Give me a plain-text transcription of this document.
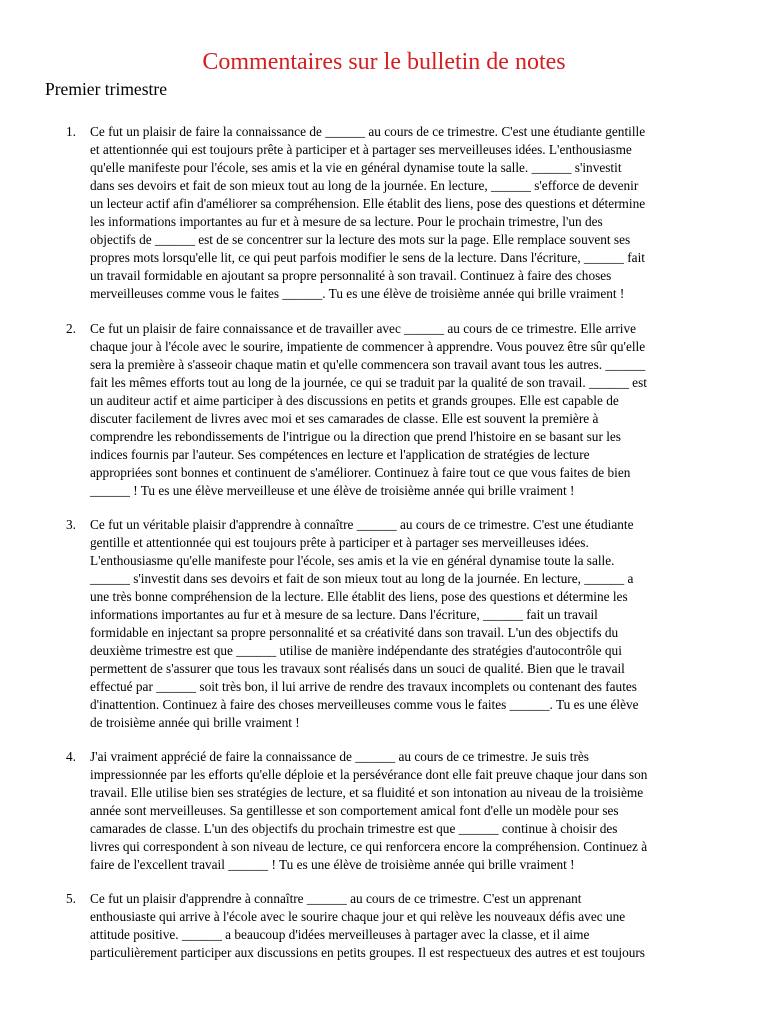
Commentaires sur le bulletin de notes
Premier trimestre
1. Ce fut un plaisir de faire la connaissance de ______ au cours de ce trimestre. C'est une étudiante gentille
et attentionnée qui est toujours prête à participer et à partager ses merveilleuses idées. L'enthousiasme
qu'elle manifeste pour l'école, ses amis et la vie en général dynamise toute la salle. ______ s'investit
dans ses devoirs et fait de son mieux tout au long de la journée. En lecture, ______ s'efforce de devenir
un lecteur actif afin d'améliorer sa compréhension. Elle établit des liens, pose des questions et détermine
les informations importantes au fur et à mesure de sa lecture. Pour le prochain trimestre, l'un des
objectifs de ______ est de se concentrer sur la lecture des mots sur la page. Elle remplace souvent ses
propres mots lorsqu'elle lit, ce qui peut parfois modifier le sens de la lecture. Dans l'écriture, ______ fait
un travail formidable en ajoutant sa propre personnalité à son travail. Continuez à faire des choses
merveilleuses comme vous le faites ______. Tu es une élève de troisième année qui brille vraiment !
2. Ce fut un plaisir de faire connaissance et de travailler avec ______ au cours de ce trimestre. Elle arrive
chaque jour à l'école avec le sourire, impatiente de commencer à apprendre. Vous pouvez être sûr qu'elle
sera la première à s'asseoir chaque matin et qu'elle commencera son travail avant tous les autres. ______
fait les mêmes efforts tout au long de la journée, ce qui se traduit par la qualité de son travail. ______ est
un auditeur actif et aime participer à des discussions en petits et grands groupes. Elle est capable de
discuter facilement de livres avec moi et ses camarades de classe. Elle est souvent la première à
comprendre les rebondissements de l'intrigue ou la direction que prend l'histoire en se basant sur les
indices fournis par l'auteur. Ses compétences en lecture et l'application de stratégies de lecture
appropriées sont bonnes et continuent de s'améliorer. Continuez à faire tout ce que vous faites de bien
______ ! Tu es une élève merveilleuse et une élève de troisième année qui brille vraiment !
3. Ce fut un véritable plaisir d'apprendre à connaître ______ au cours de ce trimestre. C'est une étudiante
gentille et attentionnée qui est toujours prête à participer et à partager ses merveilleuses idées.
L'enthousiasme qu'elle manifeste pour l'école, ses amis et la vie en général dynamise toute la salle.
______ s'investit dans ses devoirs et fait de son mieux tout au long de la journée. En lecture, ______ a
une très bonne compréhension de la lecture. Elle établit des liens, pose des questions et détermine les
informations importantes au fur et à mesure de sa lecture. Dans l'écriture, ______ fait un travail
formidable en injectant sa propre personnalité et sa créativité dans son travail. L'un des objectifs du
deuxième trimestre est que ______ utilise de manière indépendante des stratégies d'autocontrôle qui
permettent de s'assurer que tous les travaux sont réalisés dans un souci de qualité. Bien que le travail
effectué par ______ soit très bon, il lui arrive de rendre des travaux incomplets ou contenant des fautes
d'inattention. Continuez à faire des choses merveilleuses comme vous le faites ______. Tu es une élève
de troisième année qui brille vraiment !
4. J'ai vraiment apprécié de faire la connaissance de ______ au cours de ce trimestre. Je suis très
impressionnée par les efforts qu'elle déploie et la persévérance dont elle fait preuve chaque jour dans son
travail. Elle utilise bien ses stratégies de lecture, et sa fluidité et son intonation au niveau de la troisième
année sont merveilleuses. Sa gentillesse et son comportement amical font d'elle un modèle pour ses
camarades de classe. L'un des objectifs du prochain trimestre est que ______ continue à choisir des
livres qui correspondent à son niveau de lecture, ce qui renforcera encore la compréhension. Continuez à
faire de l'excellent travail ______ ! Tu es une élève de troisième année qui brille vraiment !
5. Ce fut un plaisir d'apprendre à connaître ______ au cours de ce trimestre. C'est un apprenant
enthousiaste qui arrive à l'école avec le sourire chaque jour et qui relève les nouveaux défis avec une
attitude positive. ______ a beaucoup d'idées merveilleuses à partager avec la classe, et il aime
particulièrement participer aux discussions en petits groupes. Il est respectueux des autres et est toujours
